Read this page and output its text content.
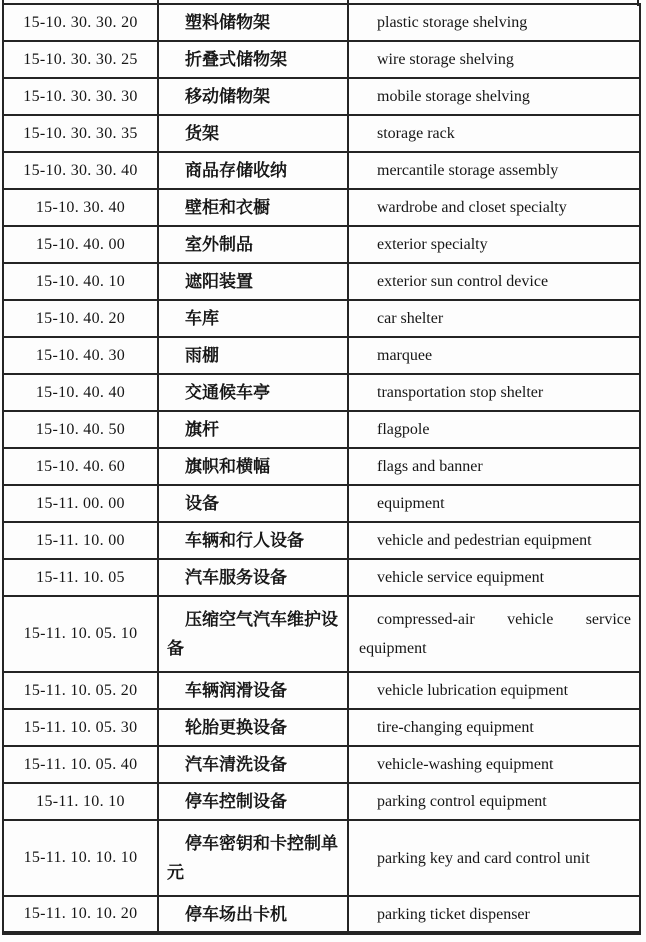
15-10. 30. 30. 20	塑料储物架	plastic storage shelving
15-10. 30. 30. 25	折叠式储物架	wire storage shelving
15-10. 30. 30. 30	移动储物架	mobile storage shelving
15-10. 30. 30. 35	货架	storage rack
15-10. 30. 30. 40	商品存储收纳	mercantile storage assembly
15-10. 30. 40	壁柜和衣橱	wardrobe and closet specialty
15-10. 40. 00	室外制品	exterior specialty
15-10. 40. 10	遮阳装置	exterior sun control device
15-10. 40. 20	车库	car shelter
15-10. 40. 30	雨棚	marquee
15-10. 40. 40	交通候车亭	transportation stop shelter
15-10. 40. 50	旗杆	flagpole
15-10. 40. 60	旗帜和横幅	flags and banner
15-11. 00. 00	设备	equipment
15-11. 10. 00	车辆和行人设备	vehicle and pedestrian equipment
15-11. 10. 05	汽车服务设备	vehicle service equipment
15-11. 10. 05. 10	压缩空气汽车维护设备	compressed-air vehicle service equipment
15-11. 10. 05. 20	车辆润滑设备	vehicle lubrication equipment
15-11. 10. 05. 30	轮胎更换设备	tire-changing equipment
15-11. 10. 05. 40	汽车清洗设备	vehicle-washing equipment
15-11. 10. 10	停车控制设备	parking control equipment
15-11. 10. 10. 10	停车密钥和卡控制单元	parking key and card control unit
15-11. 10. 10. 20	停车场出卡机	parking ticket dispenser
